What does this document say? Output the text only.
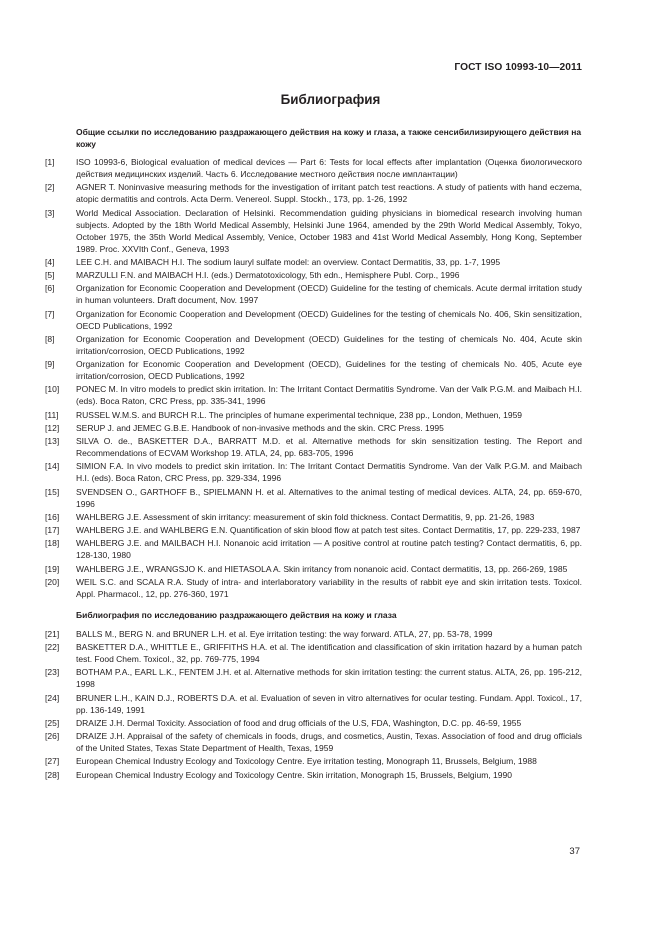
ГОСТ ISO 10993-10—2011
Библиография
Общие ссылки по исследованию раздражающего действия на кожу и глаза, а также сенсибилизирующего действия на кожу
[1]	ISO 10993-6, Biological evaluation of medical devices — Part 6: Tests for local effects after implantation (Оценка биологического действия медицинских изделий. Часть 6. Исследование местного действия после имплантации)
[2]	AGNER T. Noninvasive measuring methods for the investigation of irritant patch test reactions. A study of patients with hand eczema, atopic dermatitis and controls. Acta Derm. Venereol. Suppl. Stockh., 173, pp. 1-26, 1992
[3]	World Medical Association. Declaration of Helsinki. Recommendation guiding physicians in biomedical research involving human subjects. Adopted by the 18th World Medical Assembly, Helsinki June 1964, amended by the 29th World Medical Assembly, Tokyo, October 1975, the 35th World Medical Assembly, Venice, October 1983 and 41st World Medical Assembly, Hong Kong, September 1989. Proc. XXVIth Conf., Geneva, 1993
[4]	LEE C.H. and MAIBACH H.I. The sodium lauryl sulfate model: an overview. Contact Dermatitis, 33, pp. 1-7, 1995
[5]	MARZULLI F.N. and MAIBACH H.I. (eds.) Dermatotoxicology, 5th edn., Hemisphere Publ. Corp., 1996
[6]	Organization for Economic Cooperation and Development (OECD) Guideline for the testing of chemicals. Acute dermal irritation study in human volunteers. Draft document, Nov. 1997
[7]	Organization for Economic Cooperation and Development (OECD) Guidelines for the testing of chemicals No. 406, Skin sensitization, OECD Publications, 1992
[8]	Organization for Economic Cooperation and Development (OECD) Guidelines for the testing of chemicals No. 404, Acute skin irritation/corrosion, OECD Publications, 1992
[9]	Organization for Economic Cooperation and Development (OECD), Guidelines for the testing of chemicals No. 405, Acute eye irritation/corrosion, OECD Publications, 1992
[10]	PONEC M. In vitro models to predict skin irritation. In: The Irritant Contact Dermatitis Syndrome. Van der Valk P.G.M. and Maibach H.I. (eds). Boca Raton, CRC Press, pp. 335-341, 1996
[11]	RUSSEL W.M.S. and BURCH R.L. The principles of humane experimental technique, 238 pp., London, Methuen, 1959
[12]	SERUP J. and JEMEC G.B.E. Handbook of non-invasive methods and the skin. CRC Press. 1995
[13]	SILVA O. de., BASKETTER D.A., BARRATT M.D. et al. Alternative methods for skin sensitization testing. The Report and Recommendations of ECVAM Workshop 19. ATLA, 24, pp. 683-705, 1996
[14]	SIMION F.A. In vivo models to predict skin irritation. In: The Irritant Contact Dermatitis Syndrome. Van der Valk P.G.M. and Maibach H.I. (eds). Boca Raton, CRC Press, pp. 329-334, 1996
[15]	SVENDSEN O., GARTHOFF B., SPIELMANN H. et al. Alternatives to the animal testing of medical devices. ALTA, 24, pp. 659-670, 1996
[16]	WAHLBERG J.E. Assessment of skin irritancy: measurement of skin fold thickness. Contact Dermatitis, 9, pp. 21-26, 1983
[17]	WAHLBERG J.E. and WAHLBERG E.N. Quantification of skin blood flow at patch test sites. Contact Dermatitis, 17, pp. 229-233, 1987
[18]	WAHLBERG J.E. and MAILBACH H.I. Nonanoic acid irritation — A positive control at routine patch testing? Contact dermatitis, 6, pp. 128-130, 1980
[19]	WAHLBERG J.E., WRANGSJO K. and HIETASOLA A. Skin irritancy from nonanoic acid. Contact dermatitis, 13, pp. 266-269, 1985
[20]	WEIL S.C. and SCALA R.A. Study of intra- and interlaboratory variability in the results of rabbit eye and skin irritation tests. Toxicol. Appl. Pharmacol., 12, pp. 276-360, 1971
Библиография по исследованию раздражающего действия на кожу и глаза
[21]	BALLS M., BERG N. and BRUNER L.H. et al. Eye irritation testing: the way forward. ATLA, 27, pp. 53-78, 1999
[22]	BASKETTER D.A., WHITTLE E., GRIFFITHS H.A. et al. The identification and classification of skin irritation hazard by a human patch test. Food Chem. Toxicol., 32, pp. 769-775, 1994
[23]	BOTHAM P.A., EARL L.K., FENTEM J.H. et al. Alternative methods for skin irritation testing: the current status. ALTA, 26, pp. 195-212, 1998
[24]	BRUNER L.H., KAIN D.J., ROBERTS D.A. et al. Evaluation of seven in vitro alternatives for ocular testing. Fundam. Appl. Toxicol., 17, pp. 136-149, 1991
[25]	DRAIZE J.H. Dermal Toxicity. Association of food and drug officials of the U.S, FDA, Washington, D.C. pp. 46-59, 1955
[26]	DRAIZE J.H. Appraisal of the safety of chemicals in foods, drugs, and cosmetics, Austin, Texas. Association of food and drug officials of the United States, Texas State Department of Health, Texas, 1959
[27]	European Chemical Industry Ecology and Toxicology Centre. Eye irritation testing, Monograph 11, Brussels, Belgium, 1988
[28]	European Chemical Industry Ecology and Toxicology Centre. Skin irritation, Monograph 15, Brussels, Belgium, 1990
37
